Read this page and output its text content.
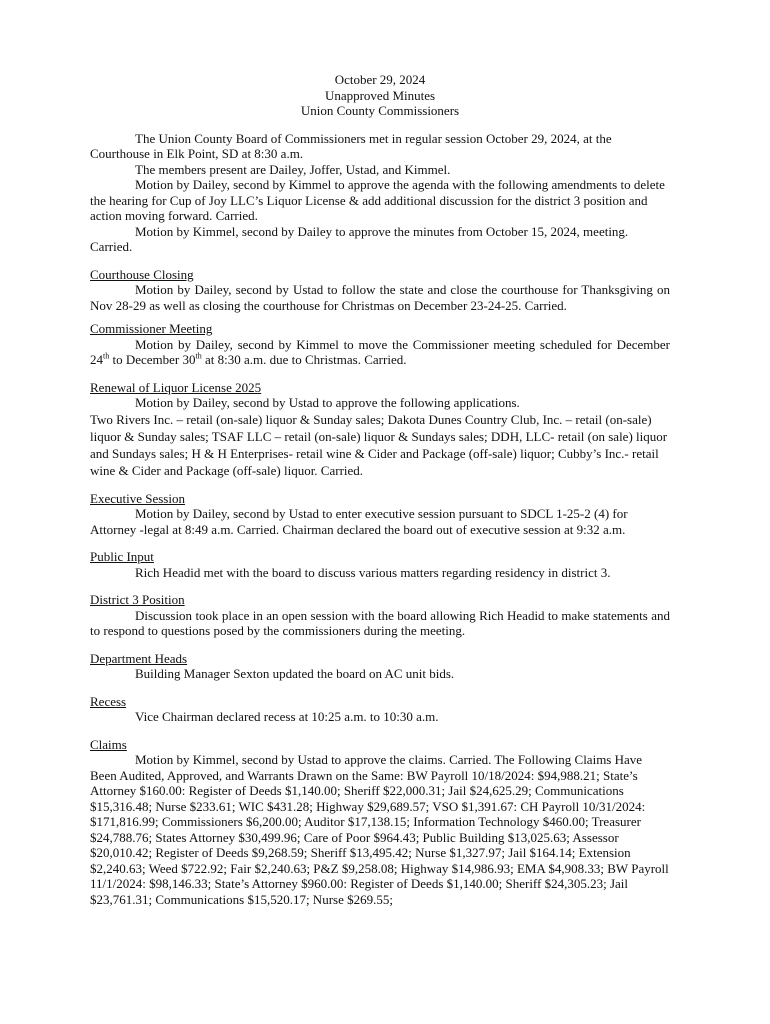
October 29, 2024
Unapproved Minutes
Union County Commissioners

The Union County Board of Commissioners met in regular session October 29, 2024, at the Courthouse in Elk Point, SD at 8:30 a.m.

The members present are Dailey, Joffer, Ustad, and Kimmel.

Motion by Dailey, second by Kimmel to approve the agenda with the following amendments to delete the hearing for Cup of Joy LLC’s Liquor License & add additional discussion for the district 3 position and action moving forward. Carried.

Motion by Kimmel, second by Dailey to approve the minutes from October 15, 2024, meeting. Carried.

Courthouse Closing

Motion by Dailey, second by Ustad to follow the state and close the courthouse for Thanksgiving on Nov 28-29 as well as closing the courthouse for Christmas on December 23-24-25. Carried.

Commissioner Meeting

Motion by Dailey, second by Kimmel to move the Commissioner meeting scheduled for December 24th to December 30th at 8:30 a.m. due to Christmas. Carried.

Renewal of Liquor License 2025

Motion by Dailey, second by Ustad to approve the following applications.

Two Rivers Inc. – retail (on-sale) liquor & Sunday sales; Dakota Dunes Country Club, Inc. – retail (on-sale) liquor & Sunday sales; TSAF LLC – retail (on-sale) liquor & Sundays sales; DDH, LLC- retail (on sale) liquor and Sundays sales; H & H Enterprises- retail wine & Cider and Package (off-sale) liquor; Cubby’s Inc.- retail wine & Cider and Package (off-sale) liquor. Carried.

Executive Session

Motion by Dailey, second by Ustad to enter executive session pursuant to SDCL 1-25-2 (4) for Attorney -legal at 8:49 a.m. Carried. Chairman declared the board out of executive session at 9:32 a.m.

Public Input

Rich Headid met with the board to discuss various matters regarding residency in district 3.

District 3 Position

Discussion took place in an open session with the board allowing Rich Headid to make statements and to respond to questions posed by the commissioners during the meeting.

Department Heads

Building Manager Sexton updated the board on AC unit bids.

Recess

Vice Chairman declared recess at 10:25 a.m. to 10:30 a.m.

Claims

Motion by Kimmel, second by Ustad to approve the claims. Carried. The Following Claims Have Been Audited, Approved, and Warrants Drawn on the Same: BW Payroll 10/18/2024: $94,988.21; State’s Attorney $160.00: Register of Deeds $1,140.00; Sheriff $22,000.31; Jail $24,625.29; Communications $15,316.48; Nurse $233.61; WIC $431.28; Highway $29,689.57; VSO $1,391.67: CH Payroll 10/31/2024: $171,816.99; Commissioners $6,200.00; Auditor $17,138.15; Information Technology $460.00; Treasurer $24,788.76; States Attorney $30,499.96; Care of Poor $964.43; Public Building $13,025.63; Assessor $20,010.42; Register of Deeds $9,268.59; Sheriff $13,495.42; Nurse $1,327.97; Jail $164.14; Extension $2,240.63; Weed $722.92; Fair $2,240.63; P&Z $9,258.08; Highway $14,986.93; EMA $4,908.33; BW Payroll 11/1/2024: $98,146.33; State’s Attorney $960.00: Register of Deeds $1,140.00; Sheriff $24,305.23; Jail $23,761.31; Communications $15,520.17; Nurse $269.55;
